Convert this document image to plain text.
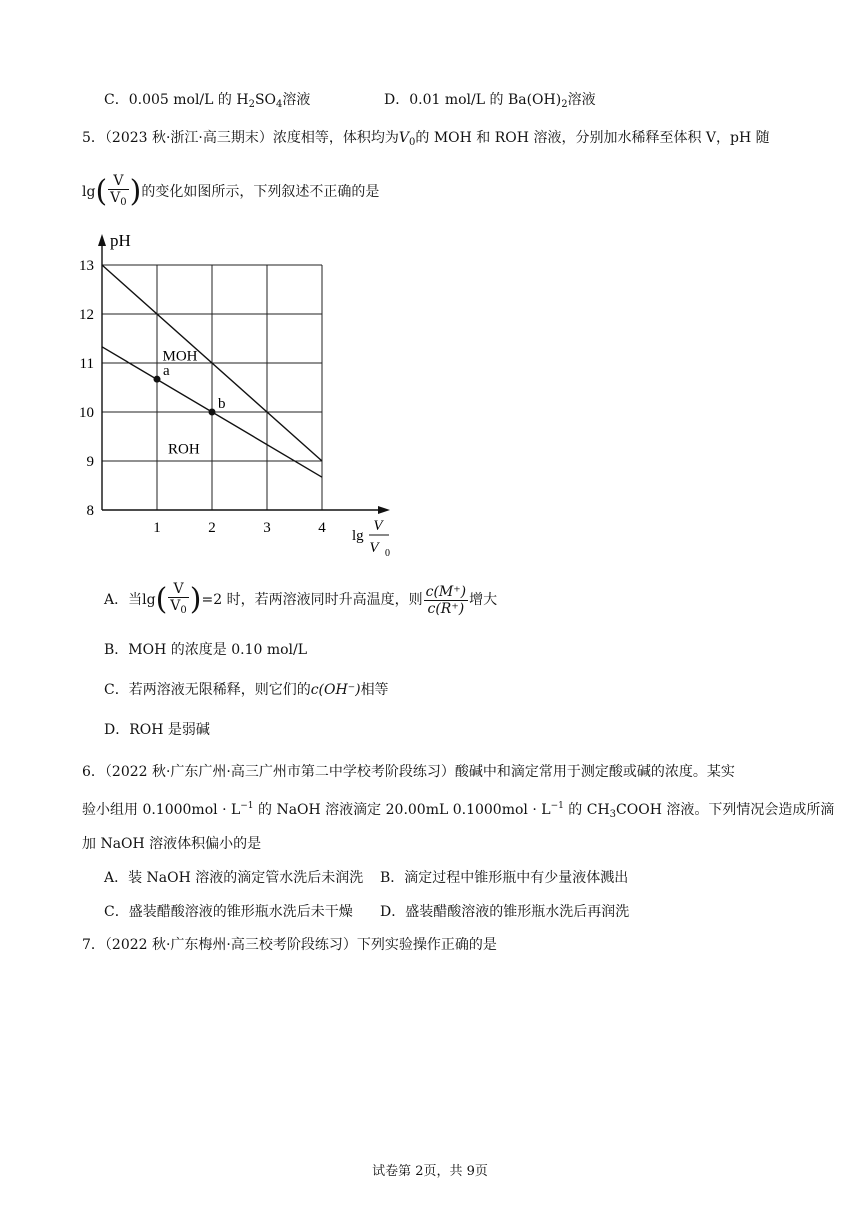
C．0.005 mol/L 的 $H_2SO_4$溶液	D．0.01 mol/L 的 $Ba(OH)_2$溶液
5．（2023 秋·浙江·高三期末）浓度相等，体积均为$V_0$的 MOH 和 ROH 溶液，分别加水稀释至体积 V，pH 随
$\lg( \frac{V}{V_0}$ )的变化如图所示，下列叙述不正确的是
1	2	3	4
8
9
10
11
12
13
pH
lg
V
V 0
MOH
ROH
a
b
A．当$\lg( \frac{V}{V_0} )=2$ 时，若两溶液同时升高温度，则 $\frac{c(M^+)}{c(R^+)}$ 增大
B．MOH 的浓度是 0.10 mol/L
C．若两溶液无限稀释，则它们的c(OH⁻)相等
D．ROH 是弱碱
6．（2022 秋·广东广州·高三广州市第二中学校考阶段练习）酸碱中和滴定常用于测定酸或碱的浓度。某实
验小组用 $0.1000mol \cdot L^{-1}$ 的 NaOH 溶液滴定 20.00mL $0.1000mol \cdot L^{-1}$ 的 $CH_3COOH$ 溶液。下列情况会造成所滴
加 NaOH 溶液体积偏小的是
A．装 NaOH 溶液的滴定管水洗后未润洗 B．滴定过程中锥形瓶中有少量液体溅出
C．盛装醋酸溶液的锥形瓶水洗后未干燥 D．盛装醋酸溶液的锥形瓶水洗后再润洗
7．（2022 秋·广东梅州·高三校考阶段练习）下列实验操作正确的是
试卷第 2页，共 9页
